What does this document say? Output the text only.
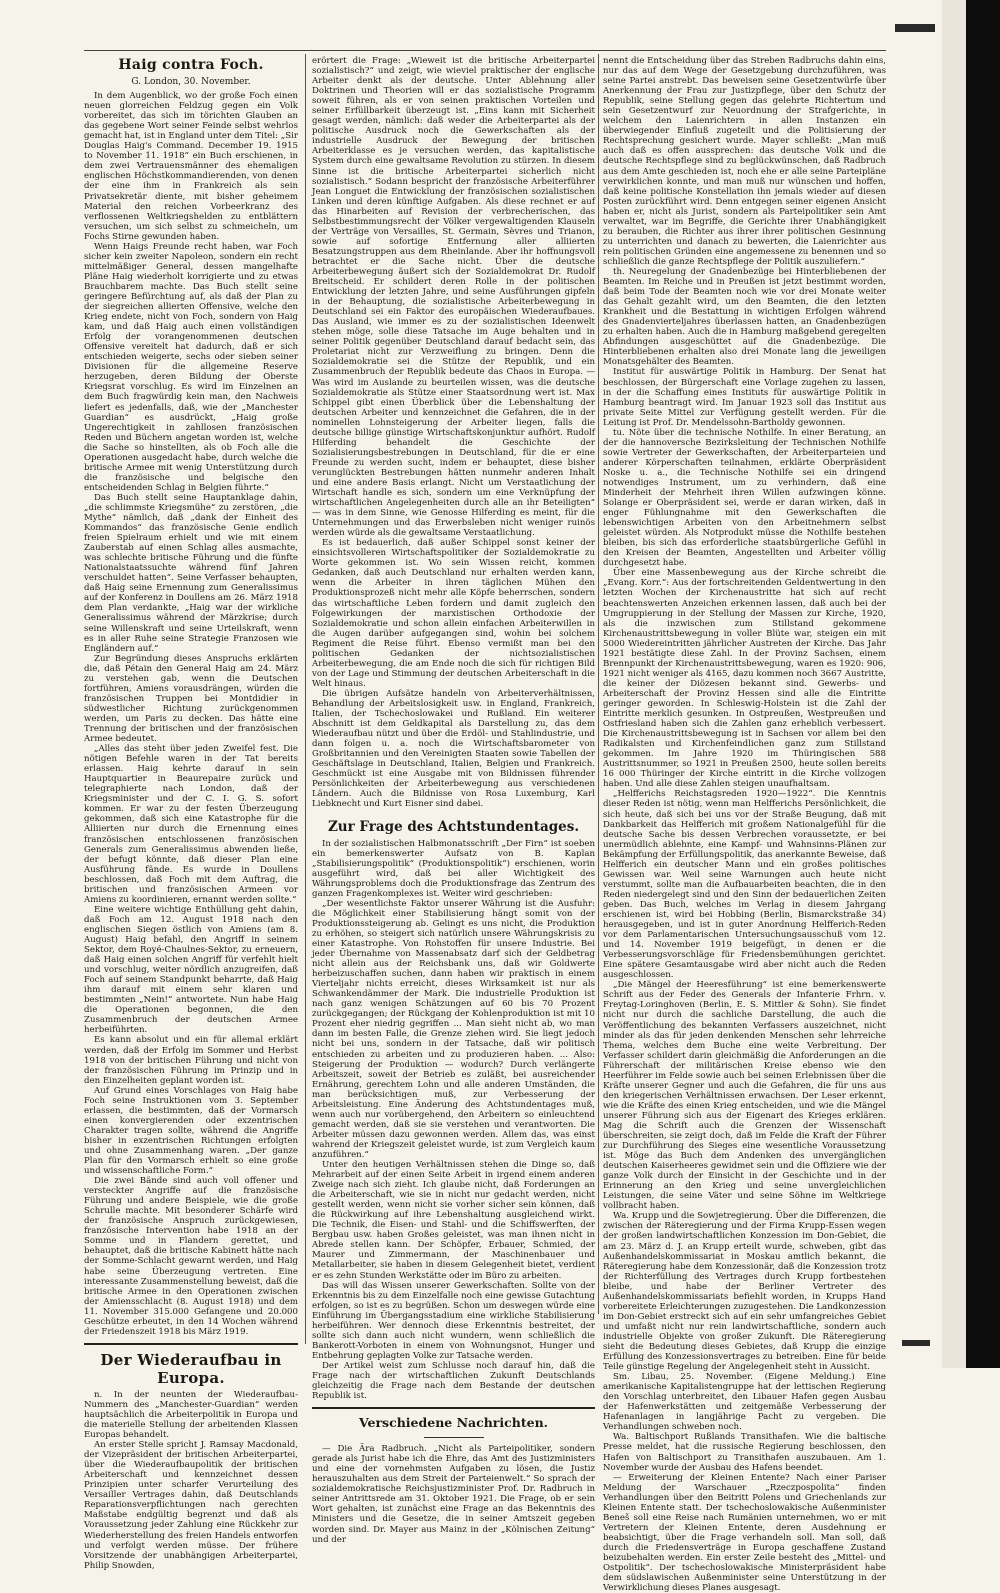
Haig contra Foch.
G. London, 30. November.

In dem Augenblick, wo der große Foch einen neuen glorreichen Feldzug gegen ein Volk vorbereitet, das sich im törichten Glauben an das gegebene Wort seiner Feinde selbst wehrlos gemacht hat, ist in England unter dem Titel: „Sir Douglas Haig's Command. December 19. 1915 to November 11. 1918“ ein Buch erschienen, in dem zwei Vertrauensmänner des ehemaligen englischen Höchstkommandierenden, von denen der eine ihm in Frankreich als sein Privatsekretär diente, mit bisher geheimem Material den reichen Vorbeerkranz des verflossenen Weltkriegshelden zu entblättern versuchen, um sich selbst zu schmeicheln, um Fochs Stirne gewunden haben.

Wenn Haigs Freunde recht haben, war Foch sicher kein zweiter Napoleon, sondern ein recht mittelmäßiger General, dessen mangelhafte Pläne Haig wiederholt korrigierte und zu etwas Brauchbarem machte. Das Buch stellt seine geringere Befürchtung auf, als daß der Plan zu der siegreichen allierten Offensive, welche den Krieg endete, nicht von Foch, sondern von Haig kam, und daß Haig auch einen vollständigen Erfolg der vorangenommenen deutschen Offensive vereitelt hat dadurch, daß er sich entschieden weigerte, sechs oder sieben seiner Divisionen für die allgemeine Reserve herzugeben, deren Bildung der Oberste Kriegsrat vorschlug. Es wird im Einzelnen an dem Buch fragwürdig kein man, den Nachweis liefert es jedenfalls, daß, wie der „Manchester Guardian“ es ausdrückt, „Haig große Ungerechtigkeit in zahllosen französischen Reden und Büchern angetan worden ist, welche die Sache so hinstellten, als ob Foch alle die Operationen ausgedacht habe, durch welche die britische Armee mit wenig Unterstützung durch die französische und belgische den entscheidenden Schlag in Belgien führte.“

Das Buch stellt seine Hauptanklage dahin, „die schlimmste Kriegsmühe“ zu zerstören, „die Mythe“ nämlich, daß „dank der Einheit des Kommandos“ das französische Genie endlich freien Spielraum erhielt und wie mit einem Zauberstab auf einen Schlag alles ausmachte, was schlechte britische Führung und die fünfte Nationalstaatssuchte während fünf Jahren verschuldet hatten“. Seine Verfasser behaupten, daß Haig seine Ernennung zum Generalissimus auf der Konferenz in Doullens am 26. März 1918 dem Plan verdankte, „Haig war der wirkliche Generalissimus während der Märzkrise; durch seine Willenskraft und seine Urteilskraft, wenn es in aller Ruhe seine Strategie Franzosen wie Engländern auf.“

Zur Begründung dieses Anspruchs erklärten die, daß Pétain den General Haig am 24. März zu verstehen gab, wenn die Deutschen fortführen, Amiens vorausdrängen, würden die französischen Truppen bei Montdidier in südwestlicher Richtung zurückgenommen werden, um Paris zu decken. Das hätte eine Trennung der britischen und der französischen Armee bedeutet.

„Alles das steht über jeden Zweifel fest. Die nötigen Befehle waren in der Tat bereits erlassen. Haig kehrte darauf in sein Hauptquartier in Beaurepaire zurück und telegraphierte nach London, daß der Kriegsminister und der C. I. G. S. sofort kommen. Er war zu der festen Überzeugung gekommen, daß sich eine Katastrophe für die Alliierten nur durch die Ernennung eines französischen entschlossenen französischen Generals zum Generalissimus abwenden ließe, der befugt könnte, daß dieser Plan eine Ausführung fände. Es wurde in Doullens beschlossen, daß Foch mit dem Auftrag, die britischen und französischen Armeen vor Amiens zu koordinieren, ernannt werden sollte.“

Eine weitere wichtige Enthüllung geht dahin, daß Foch am 12. August 1918 nach den englischen Siegen östlich von Amiens (am 8. August) Haig befahl, den Angriff in seinem Sektor, dem Royé-Chaulnes-Sektor, zu erneuern, daß Haig einen solchen Angriff für verfehlt hielt und vorschlug, weiter nördlich anzugreifen, daß Foch auf seinem Standpunkt beharrte, daß Haig ihm darauf mit einem sehr klaren und bestimmten „Nein!“ antwortete. Nun habe Haig die Operationen begonnen, die den Zusammenbruch der deutschen Armee herbeiführten.

Es kann absolut und ein für allemal erklärt werden, daß der Erfolg im Sommer und Herbst 1918 von der britischen Führung und nicht von der französischen Führung im Prinzip und in den Einzelheiten geplant worden ist.

Auf Grund eines Vorschlages von Haig habe Foch seine Instruktionen vom 3. September erlassen, die bestimmten, daß der Vormarsch einen konvergierenden oder exzentrischen Charakter tragen sollte, während die Angriffe bisher in exzentrischen Richtungen erfolgten und ohne Zusammenhang waren. „Der ganze Plan für den Vormarsch erhielt so eine große und wissenschaftliche Form.“

Die zwei Bände sind auch voll offener und versteckter Angriffe auf die französische Führung und andere Beispiele, wie die große Schrulle machte. Mit besonderer Schärfe wird der französische Anspruch zurückgewiesen, französische Intervention habe 1918 an der Somme und in Flandern gerettet, und behauptet, daß die britische Kabinett hätte nach der Somme-Schlacht gewarnt werden, und Haig habe seine Überzeugung vertreten. Eine interessante Zusammenstellung beweist, daß die britische Armee in den Operationen zwischen der Amiensschlacht (8. August 1918) und dem 11. November 315.000 Gefangene und 20.000 Geschütze erbeutet, in den 14 Wochen während der Friedenszeit 1918 bis März 1919.

Der Wiederaufbau in Europa.

n. In der neunten der Wiederaufbau-Nummern des „Manchester-Guardian“ werden hauptsächlich die Arbeiterpolitik in Europa und die materielle Stellung der arbeitenden Klassen Europas behandelt.

An erster Stelle spricht J. Ramsay Macdonald, der Vizepräsident der britischen Arbeiterpartei, über die Wiederaufbaupolitik der britischen Arbeiterschaft und kennzeichnet dessen Prinzipien unter scharfer Verurteilung des Versailler Vertrages dahin, daß Deutschlands Reparationsverpflichtungen nach gerechten Maßstabe endgültig begrenzt und daß als Voraussetzung jeder Zahlung eine Rückkehr zur Wiederherstellung des freien Handels entworfen und verfolgt werden müsse. Der frühere Vorsitzende der unabhängigen Arbeiterpartei, Philip Snowden,

erörtert die Frage: „Wieweit ist die britische Arbeiterpartei sozialistisch?“ und zeigt, wie wieviel praktischer der englische Arbeiter denkt als der deutsche. Unter Ablehnung aller Doktrinen und Theorien will er das sozialistische Programm soweit führen, als er von seinen praktischen Vorteilen und seiner Erfüllbarkeit überzeugt ist. „Eins kann mit Sicherheit gesagt werden, nämlich: daß weder die Arbeiterpartei als der politische Ausdruck noch die Gewerkschaften als der industrielle Ausdruck der Bewegung der britischen Arbeiterklasse es je versuchen werden, das kapitalistische System durch eine gewaltsame Revolution zu stürzen. In diesem Sinne ist die britische Arbeiterpartei sicherlich nicht sozialistisch.“ Sodann bespricht der französische Arbeiterführer Jean Longuet die Entwicklung der französischen sozialistischen Linken und deren künftige Aufgaben. Als diese rechnet er auf das Hinarbeiten auf Revision der verbrecherischen, das Selbstbestimmungsrecht der Völker vergewaltigenden Klauseln der Verträge von Versailles, St. Germain, Sèvres und Trianon, sowie auf sofortige Entfernung aller alliierten Besatzungstruppen aus dem Rheinlande. Aber ihr hoffnungsvoll betrachtet er die Sache nicht. Über die deutsche Arbeiterbewegung äußert sich der Sozialdemokrat Dr. Rudolf Breitscheid. Er schildert deren Rolle in der politischen Entwicklung der letzten Jahre, und seine Ausführungen gipfeln in der Behauptung, die sozialistische Arbeiterbewegung in Deutschland sei ein Faktor des europäischen Wiederaufbaues. Das Ausland, wie immer es zu der sozialistischen Ideenwelt stehen möge, solle diese Tatsache im Auge behalten und in seiner Politik gegenüber Deutschland darauf bedacht sein, das Proletariat nicht zur Verzweiflung zu bringen. Denn die Sozialdemokratie sei die Stütze der Republik, und ein Zusammenbruch der Republik bedeute das Chaos in Europa. — Was wird im Auslande zu beurteilen wissen, was die deutsche Sozialdemokratie als Stütze einer Staatsordnung wert ist. Max Schippel gibt einen Überblick über die Lebenshaltung der deutschen Arbeiter und kennzeichnet die Gefahren, die in der nominellen Lohnsteigerung der Arbeiter liegen, falls die deutsche billige günstige Wirtschaftskonjunktur aufhört. Rudolf Hilferding behandelt die Geschichte der Sozialisierungsbestrebungen in Deutschland, für die er eine Freunde zu werden sucht, indem er behauptet, diese bisher verunglückten Bestrebungen hätten nunmehr anderen Inhalt und eine andere Basis erlangt. Nicht um Verstaatlichung der Wirtschaft handle es sich, sondern um eine Verknüpfung der wirtschaftlichen Angelegenheiten durch alle an ihr Beteiligten“ — was in dem Sinne, wie Genosse Hilferding es meint, für die Unternehmungen und das Erwerbsleben nicht weniger ruinös werden würde als die gewaltsame Verstaatlichung.

Es ist bedauerlich, daß außer Schippel sonst keiner der einsichtsvolleren Wirtschaftspolitiker der Sozialdemokratie zu Worte gekommen ist. Wo sein Wissen reicht, kommen Gedanken, daß auch Deutschland nur erhalten werden kann, wenn die Arbeiter in ihren täglichen Mühen den Produktionsprozeß nicht mehr alle Köpfe beherrschen, sondern das wirtschaftliche Leben fordern und damit zugleich den Folgewirkungen der marxistischen Orthodoxie der Sozialdemokratie und schon allein einfachen Arbeiterwillen in die Augen darüber aufgegangen sind, wohin bei solchem Regiment die Reise führt. Ebenso vermißt man bei den politischen Gedanken der nichtsozialistischen Arbeiterbewegung, die am Ende noch die sich für richtigen Bild von der Lage und Stimmung der deutschen Arbeiterschaft in die Welt hinaus.

Die übrigen Aufsätze handeln von Arbeiterverhältnissen, Behandlung der Arbeitslosigkeit usw. in England, Frankreich, Italien, der Tschechoslowakei und Rußland. Ein weiterer Abschnitt ist dem Geldkapital als Darstellung zu, das dem Wiederaufbau nützt und über die Erdöl- und Stahlindustrie, und dann folgen u. a. noch die Wirtschaftsbarometer von Großbritannien und den Vereinigten Staaten sowie Tabellen der Geschäftslage in Deutschland, Italien, Belgien und Frankreich. Geschmückt ist eine Ausgabe mit von Bildnissen führender Persönlichkeiten der Arbeiterbewegung aus verschiedenen Ländern. Auch die Bildnisse von Rosa Luxemburg, Karl Liebknecht und Kurt Eisner sind dabei.

Zur Frage des Achtstundentages.

In der sozialistischen Halbmonatsschrift „Der Firn“ ist soeben ein bemerkenswerter Aufsatz von B. Kaplan „Stabilisierungspolitik“ (Produktionspolitik“) erschienen, worin ausgeführt wird, daß bei aller Wichtigkeit des Währungsproblems doch die Produktionsfrage das Zentrum des ganzen Fragenkomplexes ist. Weiter wird geschrieben:

„Der wesentlichste Faktor unserer Währung ist die Ausfuhr: die Möglichkeit einer Stabilisierung hängt somit von der Produktionssteigerung ab. Gelingt es uns nicht, die Produktion zu erhöhen, so steigert sich natürlich unsere Währungskrisis zu einer Katastrophe. Von Rohstoffen für unsere Industrie. Bei jeder Übernahme von Massenabsatz darf sich der Geldbetrag nicht allein aus der Reichsbank uns, daß wir Goldwerte herbeizuschaffen suchen, dann haben wir praktisch in einem Vierteljahr nichts erreicht, dieses Wirksamkeit ist nur als Schwankendämmer der Mark. Die industrielle Produktion ist nach ganz wenigen Schätzungen auf 60 bis 70 Prozent zurückgegangen; der Rückgang der Kohlenproduktion ist mit 10 Prozent eher niedrig gegriffen ... Man sieht nicht ab, wo man dann im besten Falle, die Grenze ziehen wird. Sie liegt jedoch nicht bei uns, sondern in der Tatsache, daß wir politisch entschieden zu arbeiten und zu produzieren haben. ... Also: Steigerung der Produktion — wodurch? Durch verlängerte Arbeitszeit, soweit der Betrieb es zuläßt, bei ausreichender Ernährung, gerechtem Lohn und alle anderen Umständen, die man berücksichtigen muß, zur Verbesserung der Arbeitsleistung. Eine Änderung des Achtstundentages muß, wenn auch nur vorübergehend, den Arbeitern so einleuchtend gemacht werden, daß sie sie verstehen und verantworten. Die Arbeiter müssen dazu gewonnen werden. Allem das, was einst wahrend der Kriegszeit geleistet wurde, ist zum Vergleich kaum anzuführen.“

Unter den heutigen Verhältnissen stehen die Dinge so, daß Mehrarbeit auf der einen Seite Arbeit in irgend einem anderen Zweige nach sich zieht. Ich glaube nicht, daß Forderungen an die Arbeiterschaft, wie sie in nicht nur gedacht werden, nicht gestellt werden, wenn nicht sie vorher sicher sein können, daß die Rückwirkung auf ihre Lebenshaltung ausgleichend wirkt. Die Technik, die Eisen- und Stahl- und die Schiffswerften, der Bergbau usw. haben Großes geleistet, was man ihnen nicht in Abrede stellen kann. Der Schöpfer, Erbauer, Schmied, der Maurer und Zimmermann, der Maschinenbauer und Metallarbeiter, sie haben in diesem Gelegenheit bietet, verdient er es zehn Stunden Werkstätte oder im Büro zu arbeiten.

Das will das Wissen unserer Gewerkschaften. Sollte von der Erkenntnis bis zu dem Einzelfalle noch eine gewisse Gutachtung erfolgen, so ist es zu begrüßen. Schon um deswegen würde eine Einführung im Übergangsstadium eine wirkliche Stabilisierung herbeiführen. Wer dennoch diese Erkenntnis bestreitet, der sollte sich dann auch nicht wundern, wenn schließlich die Bankerott-Vorboten in einem von Wohnungsnot, Hunger und Entbehrung geplagten Volke zur Tatsache werden.

Der Artikel weist zum Schlusse noch darauf hin, daß die Frage nach der wirtschaftlichen Zukunft Deutschlands gleichzeitig die Frage nach dem Bestande der deutschen Republik ist.

Verschiedene Nachrichten.

— Die Ära Radbruch. „Nicht als Parteipolitiker, sondern gerade als Jurist habe ich die Ehre, das Amt des Justizministers und eine der vornehmsten Aufgaben zu lösen, die Justiz herauszuhalten aus dem Streit der Parteienwelt.“ So sprach der sozialdemokratische Reichsjustizminister Prof. Dr. Radbruch in seiner Antrittsrede am 31. Oktober 1921. Die Frage, ob er sein Wort gehalten, ist zunächst eine Frage an das Bekenntnis des Ministers und die Gesetze, die in seiner Amtszeit gegeben worden sind. Dr. Mayer aus Mainz in der „Kölnischen Zeitung“ und der

nennt die Entscheidung über das Streben Radbruchs dahin eins, nur das auf dem Wege der Gesetzgebung durchzuführen, was seine Partei anstrebt. Das beweisen seine Gesetzentwürfe über Anerkennung der Frau zur Justizpflege, über den Schutz der Republik, seine Stellung gegen das gelehrte Richtertum und sein Gesetzentwurf zur Neuordnung der Strafgerichte, in welchem den Laienrichtern in allen Instanzen ein überwiegender Einfluß zugeteilt und die Politisierung der Rechtsprechung gesichert wurde. Mayer schließt: „Man muß auch daß es offen aussprechen: das deutsche Volk und die deutsche Rechtspflege sind zu beglückwünschen, daß Radbruch aus dem Amte geschieden ist, noch ehe er alle seine Parteipläne verwirklichen konnte, und man muß nur wünschen und hoffen, daß keine politische Konstellation ihn jemals wieder auf diesen Posten zurückführt wird. Denn entgegen seiner eigenen Ansicht haben er, nicht als Jurist, sondern als Parteipolitiker sein Amt verwaltet, war im Begriffe, die Gerichte ihrer Unabhängigkeit zu berauben, die Richter aus ihrer ihrer politischen Gesinnung zu unterrichten und danach zu bewerten, die Laienrichter aus rein politischen Gründen eine angemessene zu benennen und so schließlich die ganze Rechtspflege der Politik auszuliefern.“

th. Neuregelung der Gnadenbezüge bei Hinterbliebenen der Beamten. Im Reiche und in Preußen ist jetzt bestimmt worden, daß beim Tode der Beamten noch wie vor drei Monate weiter das Gehalt gezahlt wird, um den Beamten, die den letzten Krankheit und die Bestattung in wichtigen Erfolgen während des Gnadenvierteljahres überlassen hatten, an Gnadenbezügen zu erhalten haben. Auch die in Hamburg maßgebend geregelten Abfindungen ausgeschüttet auf die Gnadenbezüge. Die Hinterbliebenen erhalten also drei Monate lang die jeweiligen Monatsgehälter des Beamten.

Institut für auswärtige Politik in Hamburg. Der Senat hat beschlossen, der Bürgerschaft eine Vorlage zugehen zu lassen, in der die Schaffung eines Instituts für auswärtige Politik in Hamburg beantragt wird. Im Januar 1923 soll das Institut aus private Seite Mittel zur Verfügung gestellt werden. Für die Leitung ist Prof. Dr. Mendelssohn-Bartholdy gewonnen.

tu. Nöte über die technische Nothilfe. In einer Beratung, an der die hannoversche Bezirksleitung der Technischen Nothilfe sowie Vertreter der Gewerkschaften, der Arbeiterparteien und anderer Körperschaften teilnahmen, erklärte Oberpräsident Noske u. a., die Technische Nothilfe sei ein dringend notwendiges Instrument, um zu verhindern, daß eine Minderheit der Mehrheit ihren Willen aufzwingen könne. Solange er Oberpräsident sei, werde er daran wirken, daß in enger Fühlungnahme mit den Gewerkschaften die lebenswichtigen Arbeiten von den Arbeitnehmern selbst geleistet würden. Als Notprodukt müsse die Nothilfe bestehen bleiben, bis sich das erforderliche staatsbürgerliche Gefühl in den Kreisen der Beamten, Angestellten und Arbeiter völlig durchgesetzt habe.

Über eine Massenbewegung aus der Kirche schreibt die „Evang. Korr.“: Aus der fortschreitenden Geldentwertung in den letzten Wochen der Kirchenaustritte hat sich auf recht beachtenswerten Anzeichen erkennen lassen, daß auch bei der Umgruppierung in der Stellung der Massen zur Kirche, 1920, als die inzwischen zum Stillstand gekommene Kirchenaustrittsbewegung in voller Blüte war, steigen ein mit 5000 Wiedereintritten jährlicher Austreten der Kirche. Das Jahr 1921 bestätigte diese Zahl. In der Provinz Sachsen, einem Brennpunkt der Kirchenaustrittsbewegung, waren es 1920: 906, 1921 nicht weniger als 4165, dazu kommen noch 3667 Austritte, die keiner der Diözesen bekannt sind. Gewerbs- und Arbeiterschaft der Provinz Hessen sind alle die Eintritte geringer geworden. In Schleswig-Holstein ist die Zahl der Eintritte merklich gesunken. In Ostpreußen, Westpreußen und Ostfriesland haben sich die Zahlen ganz erheblich verbessert. Die Kirchenaustrittsbewegung ist in Sachsen vor allem bei den Radikalsten und Kirchenfeindlichen ganz zum Stillstand gekommen. Im Jahre 1920 im Thüringischen 588 Austrittsnummer, so 1921 in Preußen 2500, heute sollen bereits 16 000 Thüringer der Kirche eintritt in die Kirche vollzogen haben. Und alle diese Zahlen steigen unaufhaltsam.

„Helfferichs Reichstagsreden 1920—1922“. Die Kenntnis dieser Reden ist nötig, wenn man Helfferichs Persönlichkeit, die sich heute, daß sich bei uns vor der Straße Beugung, daß mit Dankbarkeit das Helfferich mit großem Nationalgefühl für die deutsche Sache bis dessen Verbrechen voraussetzte, er bei unermüdlich ablehnte, eine Kampf- und Wahnsinns-Plänen zur Bekämpfung der Erfüllungspolitik, das anerkannte Beweise, daß Helfferich ein deutscher Mann und ein großes politisches Gewissen war. Weil seine Warnungen auch heute nicht verstummt, sollte man die Aufbauarbeiten beachten, die in den Reden niedergelegt sind und den Sinn der bedauerlichen Zeiten geben. Das Buch, welches im Verlag in diesem Jahrgang erschienen ist, wird bei Hobbing (Berlin, Bismarckstraße 34) herausgegeben, und ist in guter Anordnung Helfferich-Reden vor dem Parlamentarischen Untersuchungsausschuß vom 12. und 14. November 1919 beigefügt, in denen er die Verbesserungsvorschläge für Friedensbemühungen gerichtet. Eine spätere Gesamtausgabe wird aber nicht auch die Reden ausgeschlossen.

„Die Mängel der Heeresführung“ ist eine bemerkenswerte Schrift aus der Feder des Generals der Infanterie Frhrn. v. Freytag-Loringhoven (Berlin, E. S. Mittler & Sohn). Sie findet nicht nur durch die sachliche Darstellung, die auch die Veröffentlichung des bekannten Verfassers auszeichnet, nicht minder als das für jeden denkenden Menschen sehr lehrreiche Thema, welches dem Buche eine weite Verbreitung. Der Verfasser schildert darin gleichmäßig die Anforderungen an die Führerschaft der militärischen Kreise ebenso wie den Heerführer im Felde sowie auch bei seinen Erlebnissen über die Kräfte unserer Gegner und auch die Gefahren, die für uns aus den kriegerischen Verhältnissen erwachsen. Der Leser erkennt, wie die Kräfte des einen Krieg entscheiden, und wie die Mängel unserer Führung sich aus der Eigenart des Krieges erklären. Mag die Schrift auch die Grenzen der Wissenschaft überschreiten, sie zeigt doch, daß im Felde die Kraft der Führer zur Durchführung des Sieges eine wesentliche Voraussetzung ist. Möge das Buch dem Andenken des unvergänglichen deutschen Kaiserheeres gewidmet sein und die Offiziere wie der ganze Volk durch der Einsicht in der Geschichte und in der Erinnerung an den Krieg und seine unvergleichlichen Leistungen, die seine Väter und seine Söhne im Weltkriege vollbracht haben.

Wa. Krupp und die Sowjetregierung. Über die Differenzen, die zwischen der Räteregierung und der Firma Krupp-Essen wegen der großen landwirtschaftlichen Konzession im Don-Gebiet, die am 23. März d. J. an Krupp erteilt wurde, schweben, gibt das Außenhandelskommissariat in Moskau amtlich bekannt, die Räteregierung habe dem Konzessionär, daß die Konzession trotz der Richterfüllung des Vertrages durch Krupp fortbestehen bleibe, und habe der Berliner Vertreter des Außenhandelskommissariats befiehlt worden, in Krupps Hand vorbereitete Erleichterungen zuzugestehen. Die Landkonzession im Don-Gebiet erstreckt sich auf ein sehr umfangreiches Gebiet und umfaßt nicht nur rein landwirtschaftliche, sondern auch industrielle Objekte von großer Zukunft. Die Räteregierung sieht die Bedeutung dieses Gebietes, daß Krupp die einzige Erfüllung des Konzessionsvertrages zu betreiben. Eine für beide Teile günstige Regelung der Angelegenheit steht in Aussicht.

Sm. Libau, 25. November. (Eigene Meldung.) Eine amerikanische Kapitalistengruppe hat der lettischen Regierung den Vorschlag unterbreitet, den Libauer Hafen gegen Ausbau der Hafenwerkstätten und zeitgemäße Verbesserung der Hafenanlagen in langjährige Pacht zu vergeben. Die Verhandlungen schweben noch.

Wa. Baltischport Rußlands Transithafen. Wie die baltische Presse meldet, hat die russische Regierung beschlossen, den Hafen von Baltischport zu Transithafen auszubauen. Am 1. November wurde der Ausbau des Hafens beendet.

— Erweiterung der Kleinen Entente? Nach einer Pariser Meldung der Warschauer „Rzeczpospolita“ finden Verhandlungen über den Beitritt Polens und Griechenlands zur Kleinen Entente statt. Der tschechoslowakische Außenminister Beneš soll eine Reise nach Rumänien unternehmen, wo er mit Vertretern der Kleinen Entente, deren Ausdehnung er beabsichtigt, über die Frage verhandeln soll. Man soll, daß durch die Friedensverträge in Europa geschaffene Zustand beizubehalten werden. Ein erster Zeile besteht des „Mittel- und Ostpolitik“. Der tschechoslowakische Ministerpräsident habe dem südslawischen Außenminister seine Unterstützung in der Verwirklichung dieses Planes ausgesagt.
